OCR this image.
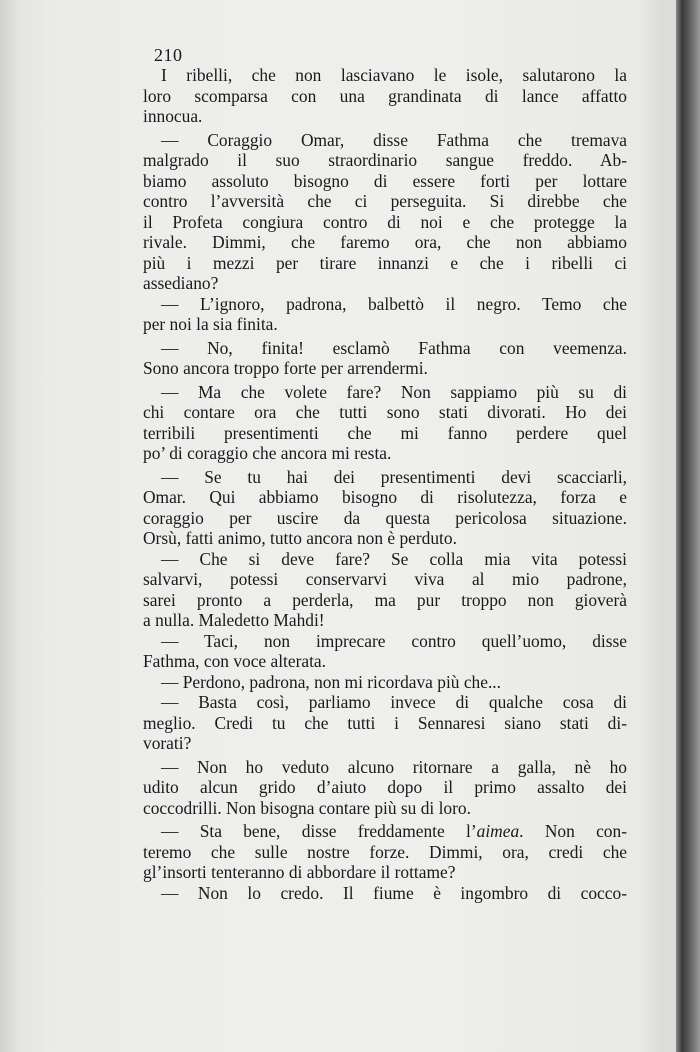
210
I ribelli, che non lasciavano le isole, salutarono la
loro scomparsa con una grandinata di lance affatto
innocua.
— Coraggio Omar, disse Fathma che tremava
malgrado il suo straordinario sangue freddo. Ab-
biamo assoluto bisogno di essere forti per lottare
contro l’avversità che ci perseguita. Si direbbe che
il Profeta congiura contro di noi e che protegge la
rivale. Dimmi, che faremo ora, che non abbiamo
più i mezzi per tirare innanzi e che i ribelli ci
assediano?
— L’ignoro, padrona, balbettò il negro. Temo che
per noi la sia finita.
— No, finita! esclamò Fathma con veemenza.
Sono ancora troppo forte per arrendermi.
— Ma che volete fare? Non sappiamo più su di
chi contare ora che tutti sono stati divorati. Ho dei
terribili presentimenti che mi fanno perdere quel
po’ di coraggio che ancora mi resta.
— Se tu hai dei presentimenti devi scacciarli,
Omar. Qui abbiamo bisogno di risolutezza, forza e
coraggio per uscire da questa pericolosa situazione.
Orsù, fatti animo, tutto ancora non è perduto.
— Che si deve fare? Se colla mia vita potessi
salvarvi, potessi conservarvi viva al mio padrone,
sarei pronto a perderla, ma pur troppo non gioverà
a nulla. Maledetto Mahdi!
— Taci, non imprecare contro quell’uomo, disse
Fathma, con voce alterata.
— Perdono, padrona, non mi ricordava più che...
— Basta così, parliamo invece di qualche cosa di
meglio. Credi tu che tutti i Sennaresi siano stati di-
vorati?
— Non ho veduto alcuno ritornare a galla, nè ho
udito alcun grido d’aiuto dopo il primo assalto dei
coccodrilli. Non bisogna contare più su di loro.
— Sta bene, disse freddamente l’aimea. Non con-
teremo che sulle nostre forze. Dimmi, ora, credi che
gl’insorti tenteranno di abbordare il rottame?
— Non lo credo. Il fiume è ingombro di cocco-
